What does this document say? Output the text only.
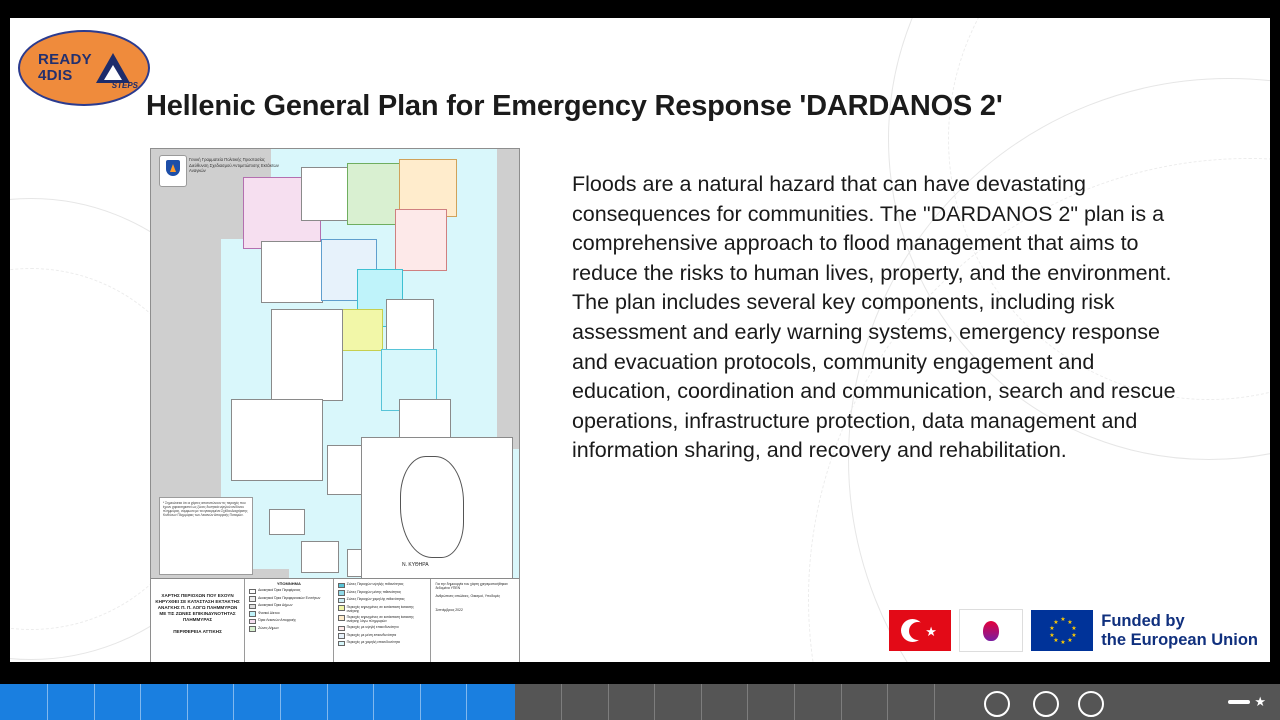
READY
4DIS
STEPS
Hellenic General Plan for Emergency Response 'DARDANOS 2'
Γενική Γραμματεία Πολιτικής Προστασίας Διεύθυνση Σχεδιασμού Αντιμετώπισης Εκτάκτων Αναγκών
* Σημειώνεται ότι οι χάρτες αποτυπώνουν τις περιοχές που έχουν χαρακτηριστεί ως ζώνες δυνητικά υψηλού κινδύνου πλημμύρας, σύμφωνα με τα εγκεκριμένα Σχέδια Διαχείρισης Κινδύνων Πλημμύρας των Λεκανών Απορροής Ποταμών.
Ν. ΚΥΘΗΡΑ
ΧΑΡΤΗΣ ΠΕΡΙΟΧΩΝ ΠΟΥ ΕΧΟΥΝ ΚΗΡΥΧΘΕΙ ΣΕ ΚΑΤΑΣΤΑΣΗ ΕΚΤΑΚΤΗΣ ΑΝΑΓΚΗΣ Π. Π. ΛΟΓΩ ΠΛΗΜΜΥΡΩΝ ΜΕ ΤΙΣ ΖΩΝΕΣ ΕΠΙΚΙΝΔΥΝΟΤΗΤΑΣ ΠΛΗΜΜΥΡΑΣ
ΠΕΡΙΦΕΡΕΙΑ ΑΤΤΙΚΗΣ
ΥΠΟΜΝΗΜΑ
Διοικητικά Όρια Περιφέρειας
Διοικητικά Όρια Περιφερειακών Ενοτήτων
Διοικητικά Όρια Δήμων
Φυσικό Δίκτυο
Όρια Λεκανών Απορροής
Ζώνες Δήμων
Ζώνες Περιοχών υψηλής πιθανότητας
Ζώνες Περιοχών μέσης πιθανότητας
Ζώνες Περιοχών χαμηλής πιθανότητας
Περιοχές κηρυγμένες σε κατάσταση έκτακτης ανάγκης
Περιοχές κηρυγμένες σε κατάσταση έκτακτης ανάγκης λόγω πλημμυρών
Περιοχές με υψηλή επικινδυνότητα
Περιοχές με μέση επικινδυνότητα
Περιοχές με χαμηλή επικινδυνότητα
Για την δημιουργία του χάρτη χρησιμοποιήθηκαν δεδομένα ΥΠΕΝ
Ανθρώπινες απώλειες, Οικισμοί, Υποδομές
Σεπτέμβριος 2022
Floods are a natural hazard that can have devastating consequences for communities. The "DARDANOS 2" plan is a comprehensive approach to flood management that aims to reduce the risks to human lives, property, and the environment. The plan includes several key components, including risk assessment and early warning systems, emergency response and evacuation protocols, community engagement and education, coordination and communication, search and rescue operations, infrastructure protection, data management and information sharing, and recovery and rehabilitation.
★
★ ★
★
★
★
★
★
★
★
★	Funded by
the European Union
★
